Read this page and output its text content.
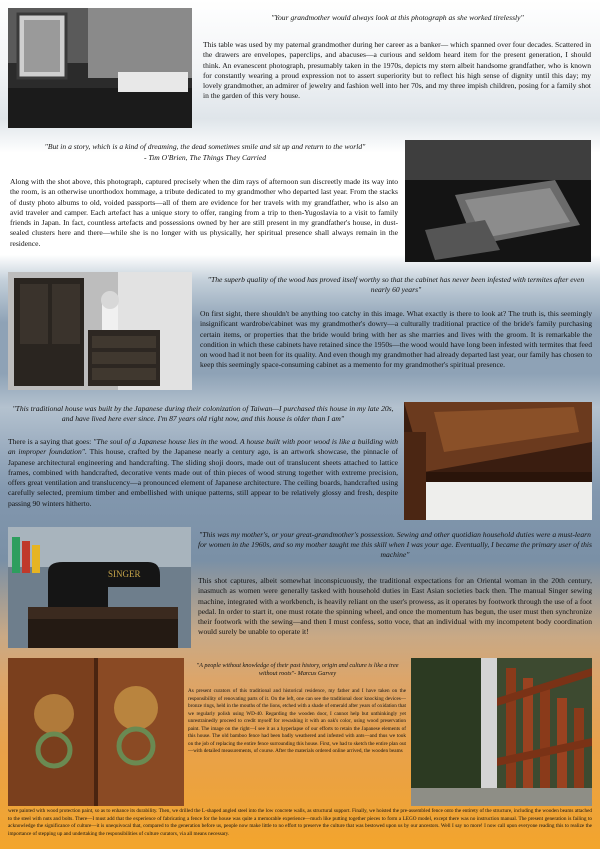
"Your grandmother would always look at this photograph as she worked tirelessly"
This table was used by my paternal grandmother during her career as a banker— which spanned over four decades. Scattered in the drawers are envelopes, paperclips, and abacuses—a curious and seldom heard item for the present generation, I should think. An evanescent photograph, presumably taken in the 1970s, depicts my stern albeit handsome grandfather, who is known for constantly wearing a proud expression not to assert superiority but to reflect his high sense of dignity until this day; my lovely grandmother, an admirer of jewelry and fashion well into her 70s, and my three impish children, posing for a family shot in the garden of this very house.
"But in a story, which is a kind of dreaming, the dead sometimes smile and sit up and return to the world"
- Tim O'Brien, The Things They Carried
Along with the shot above, this photograph, captured precisely when the dim rays of afternoon sun discreetly made its way into the room, is an otherwise unorthodox hommage, a tribute dedicated to my grandmother who departed last year. From the stacks of dusty photo albums to old, voided passports—all of them are evidence for her travels with my grandfather, who is also an avid traveler and camper. Each artefact has a unique story to offer, ranging from a trip to then-Yugoslavia to a visit to family friends in Japan. In fact, countless artefacts and possessions owned by her are still present in my grandfather's house, in dust-sealed clusters here and there—while she is no longer with us physically, her spiritual presence shall always remain in the residence.
"The superb quality of the wood has proved itself worthy so that the cabinet has never been infested with termites after even nearly 60 years"
On first sight, there shouldn't be anything too catchy in this image. What exactly is there to look at? The truth is, this seemingly insignificant wardrobe/cabinet was my grandmother's dowry—a culturally traditional practice of the bride's family purchasing certain items, or properties that the bride would bring with her as she marries and lives with the groom. It is remarkable the condition in which these cabinets have retained since the 1950s—the wood would have long been infested with termites that feed on wood had it not been for its quality. And even though my grandmother had already departed last year, our family has chosen to keep this seemingly space-consuming cabinet as a memento for my grandmother's spiritual presence.
"This traditional house was built by the Japanese during their colonization of Taiwan—I purchased this house in my late 20s, and have lived here ever since. I'm 87 years old right now, and this house is older than I am"
There is a saying that goes: "The soul of a Japanese house lies in the wood. A house built with poor wood is like a building with an improper foundation". This house, crafted by the Japanese nearly a century ago, is an artwork showcase, the pinnacle of Japanese architectural engineering and handcrafting. The sliding shoji doors, made out of translucent sheets attached to lattice frames, combined with handcrafted, decorative vents made out of thin pieces of wood strung together with extreme precision, offers great ventilation and translucency—a pronounced element of Japanese architecture. The ceiling boards, handcrafted using carefully selected, premium timber and embellished with unique patterns, still appear to be relatively glossy and fresh, despite passing 90 winters hitherto.
SINGER
"This was my mother's, or your great-grandmother's possession. Sewing and other quotidian household duties were a must-learn for women in the 1960s, and so my mother taught me this skill when I was your age. Eventually, I became the primary user of this machine"
This shot captures, albeit somewhat inconspicuously, the traditional expectations for an Oriental woman in the 20th century, inasmuch as women were generally tasked with household duties in East Asian societies back then. The manual Singer sewing machine, integrated with a workbench, is heavily reliant on the user's prowess, as it operates by footwork through the use of a foot pedal. In order to start it, one must rotate the spinning wheel, and once the momentum has begun, the user must then synchronize their footwork with the sewing—and then I must confess, sotto voce, that an individual with my incompetent body coordination would surely be unable to operate it!
"A people without knowledge of their past history, origin and culture is like a tree without roots"- Marcus Garvey
As present curators of this traditional and historical residence, my father and I have taken on the responsibility of renovating parts of it. On the left, one can see the traditional door knocking devices— bronze rings, held in the mouths of the lions, etched with a shade of emerald after years of oxidation that we regularly polish using WD-40. Regarding the wooden door, I cannot help but unthinkingly yet unrestrainedly proceed to credit myself for rewashing it with an oak's color, using wood preservation paint. The image on the right—I see it as a hyperlapse of our efforts to retain the Japanese elements of this house. The old bamboo fence had been badly weathered and infested with ants—and thus we took on the job of replacing the entire fence surrounding this house. First, we had to sketch the entire plan out—with detailed measurements, of course. After the materials ordered online arrived, the wooden beams
were painted with wood protection paint, so as to enhance its durability. Then, we drilled the L-shaped angled steel into the low concrete walls, as structural support. Finally, we hoisted the pre-assembled fence onto the entirety of the structure, including the wooden beams attached to the steel with nuts and bolts. There—I must add that the experience of fabricating a fence for the house was quite a memorable experience—much like putting together pieces to form a LEGO model, except there was no instruction manual. The present generation is failing to acknowledge the significance of culture—it is unequivocal that, compared to the generation before us, people now make little to no effort to preserve the culture that was bestowed upon us by our ancestors. Well I say no more! I now call upon everyone reading this to realize the importance of stepping up and undertaking the responsibilities of culture curators, via all means necessary.
